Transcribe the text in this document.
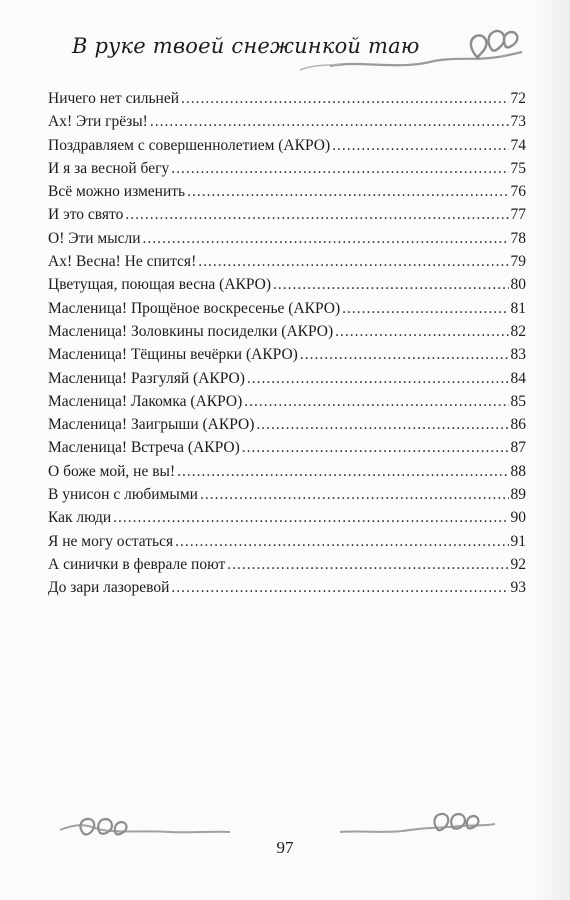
В руке твоей снежинкой таю
Ничего нет сильней .....	72
Ах! Эти грёзы! .....	73
Поздравляем с совершеннолетием (АКРО) .....	74
И я за весной бегу .....	75
Всё можно изменить .....	76
И это свято .....	77
О! Эти мысли .....	78
Ах! Весна! Не спится! .....	79
Цветущая, поющая весна (АКРО) .....	80
Масленица! Прощёное воскресенье (АКРО) .....	81
Масленица! Золовкины посиделки (АКРО) .....	82
Масленица! Тёщины вечёрки (АКРО) .....	83
Масленица! Разгуляй (АКРО) .....	84
Масленица! Лакомка (АКРО) .....	85
Масленица! Заигрыши (АКРО) .....	86
Масленица! Встреча (АКРО) .....	87
О боже мой, не вы! .....	88
В унисон с любимыми .....	89
Как люди .....	90
Я не могу остаться .....	91
А синички в феврале поют .....	92
До зари лазоревой .....	93
97
